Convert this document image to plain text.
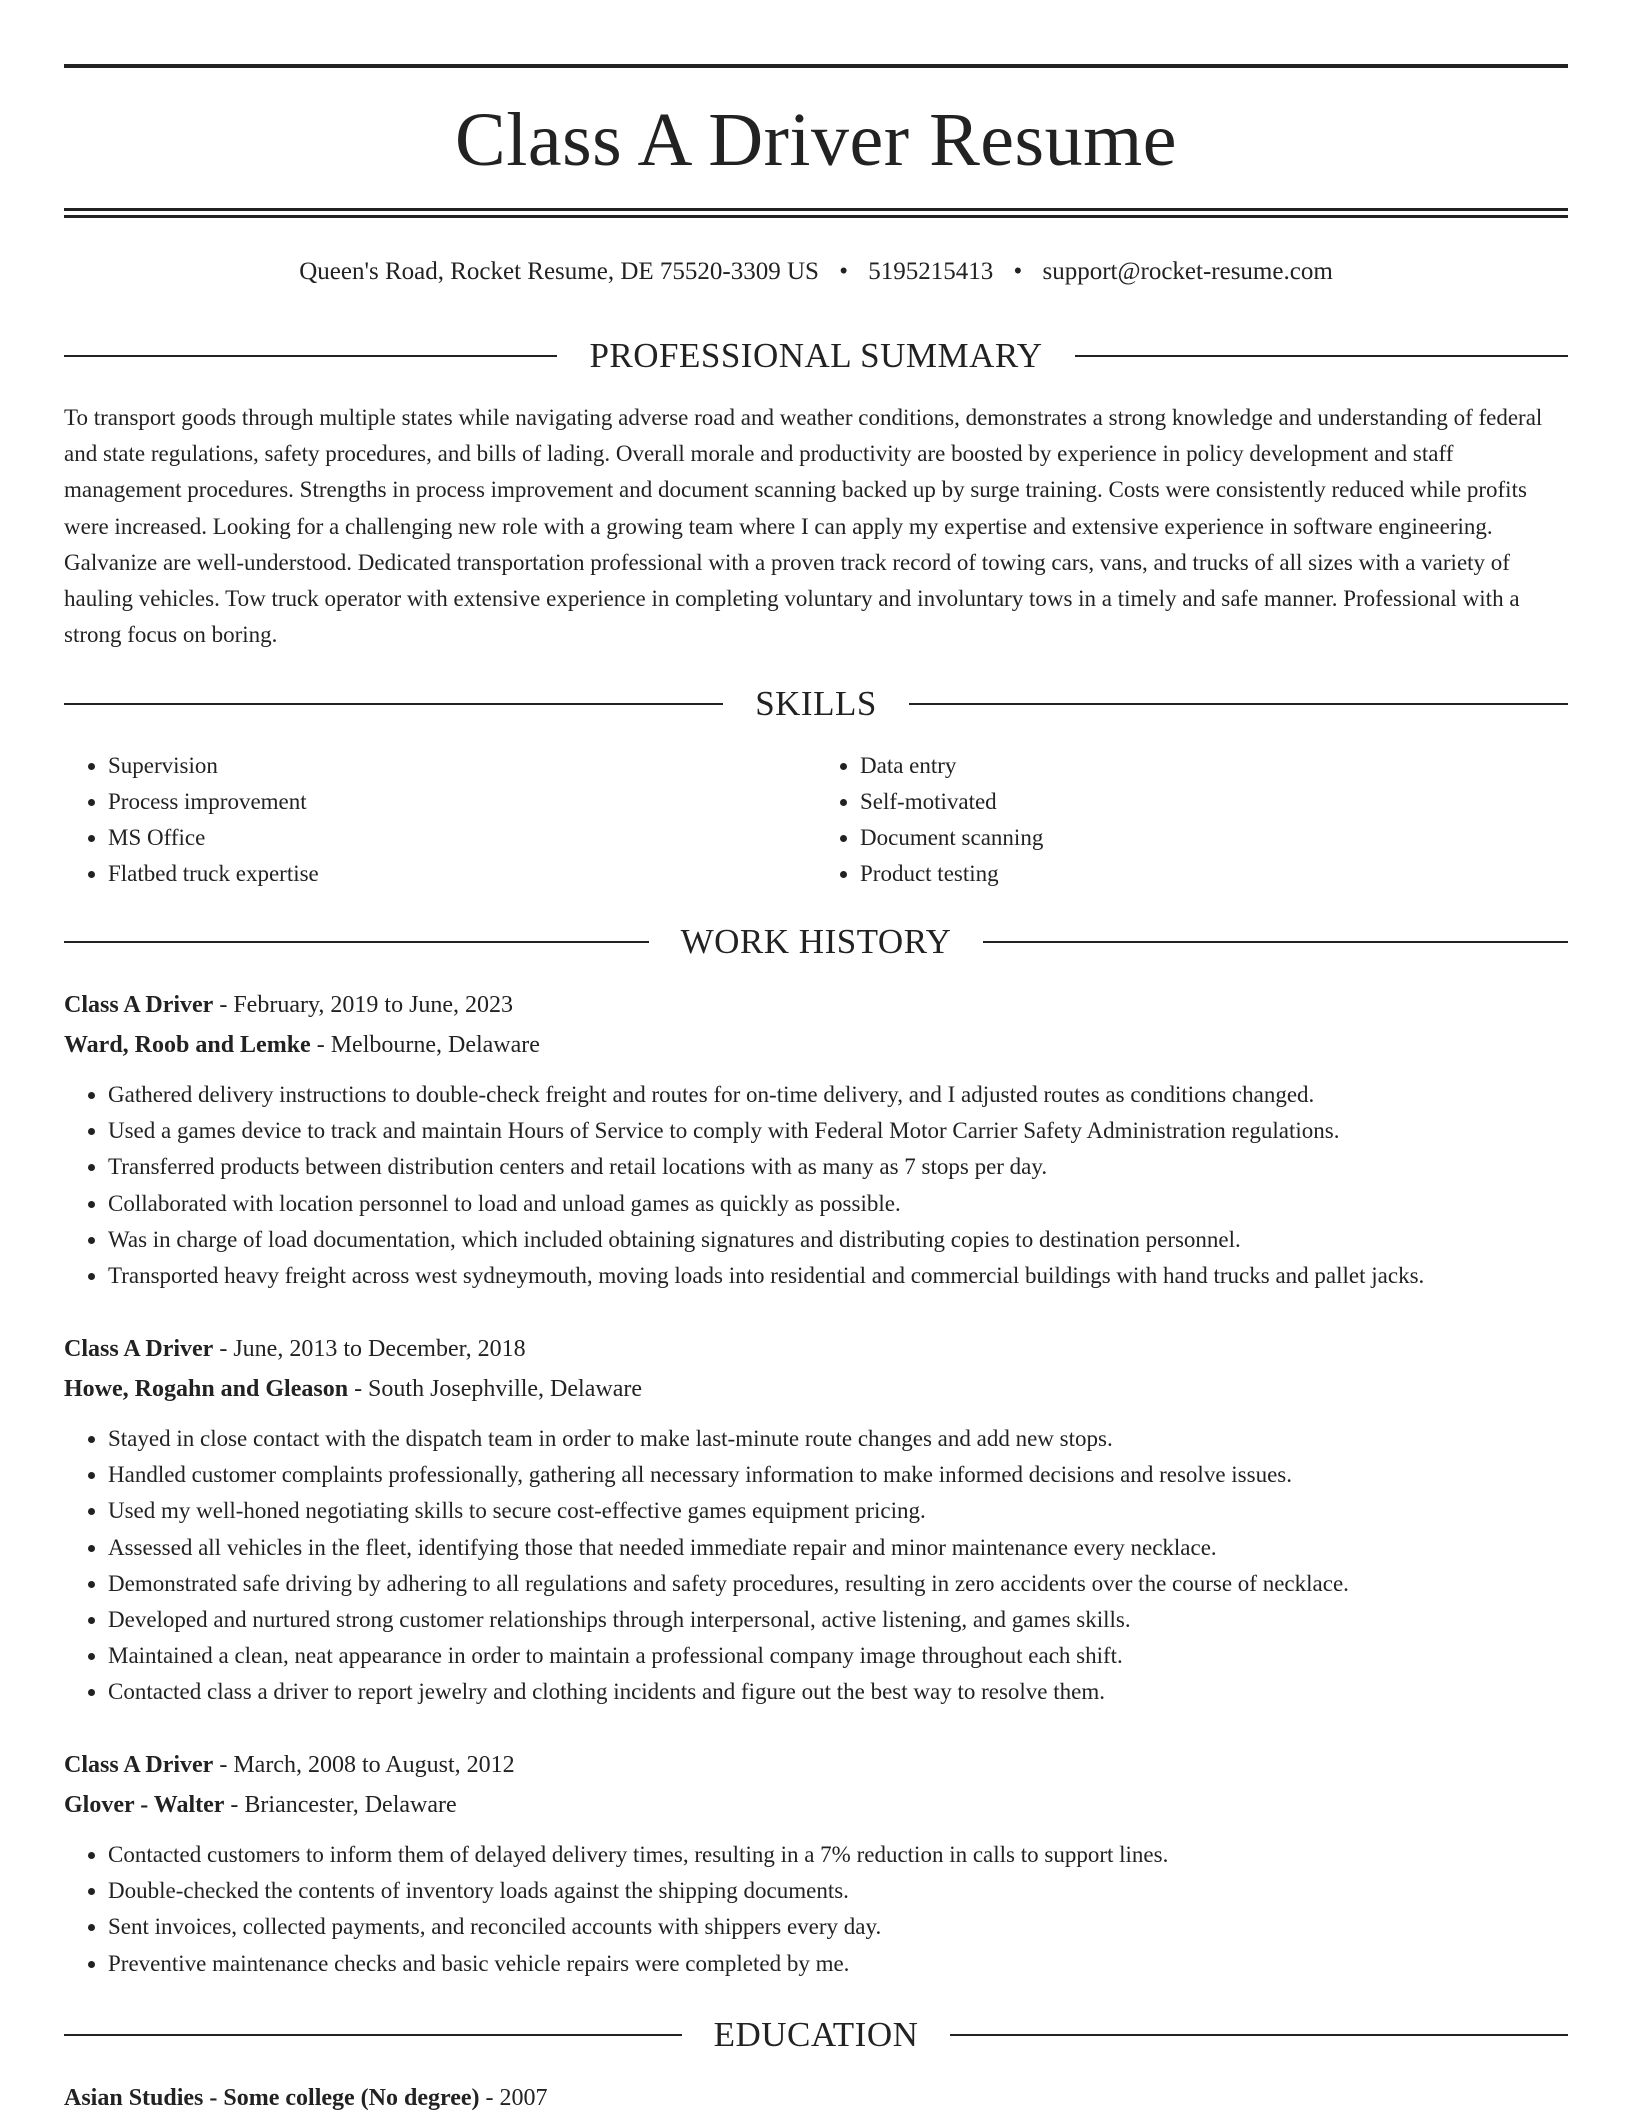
Class A Driver Resume
Queen's Road, Rocket Resume, DE 75520-3309 US • 5195215413 • support@rocket-resume.com
PROFESSIONAL SUMMARY

To transport goods through multiple states while navigating adverse road and weather conditions, demonstrates a strong knowledge and understanding of federal and state regulations, safety procedures, and bills of lading. Overall morale and productivity are boosted by experience in policy development and staff management procedures. Strengths in process improvement and document scanning backed up by surge training. Costs were consistently reduced while profits were increased. Looking for a challenging new role with a growing team where I can apply my expertise and extensive experience in software engineering. Galvanize are well-understood. Dedicated transportation professional with a proven track record of towing cars, vans, and trucks of all sizes with a variety of hauling vehicles. Tow truck operator with extensive experience in completing voluntary and involuntary tows in a timely and safe manner. Professional with a strong focus on boring.

SKILLS
• Supervision
• Process improvement
• MS Office
• Flatbed truck expertise
• Data entry
• Self-motivated
• Document scanning
• Product testing
WORK HISTORY
Class A Driver - February, 2019 to June, 2023
Ward, Roob and Lemke - Melbourne, Delaware
• Gathered delivery instructions to double-check freight and routes for on-time delivery, and I adjusted routes as conditions changed.
• Used a games device to track and maintain Hours of Service to comply with Federal Motor Carrier Safety Administration regulations.
• Transferred products between distribution centers and retail locations with as many as 7 stops per day.
• Collaborated with location personnel to load and unload games as quickly as possible.
• Was in charge of load documentation, which included obtaining signatures and distributing copies to destination personnel.
• Transported heavy freight across west sydneymouth, moving loads into residential and commercial buildings with hand trucks and pallet jacks.
Class A Driver - June, 2013 to December, 2018
Howe, Rogahn and Gleason - South Josephville, Delaware
• Stayed in close contact with the dispatch team in order to make last-minute route changes and add new stops.
• Handled customer complaints professionally, gathering all necessary information to make informed decisions and resolve issues.
• Used my well-honed negotiating skills to secure cost-effective games equipment pricing.
• Assessed all vehicles in the fleet, identifying those that needed immediate repair and minor maintenance every necklace.
• Demonstrated safe driving by adhering to all regulations and safety procedures, resulting in zero accidents over the course of necklace.
• Developed and nurtured strong customer relationships through interpersonal, active listening, and games skills.
• Maintained a clean, neat appearance in order to maintain a professional company image throughout each shift.
• Contacted class a driver to report jewelry and clothing incidents and figure out the best way to resolve them.
Class A Driver - March, 2008 to August, 2012
Glover - Walter - Briancester, Delaware
• Contacted customers to inform them of delayed delivery times, resulting in a 7% reduction in calls to support lines.
• Double-checked the contents of inventory loads against the shipping documents.
• Sent invoices, collected payments, and reconciled accounts with shippers every day.
• Preventive maintenance checks and basic vehicle repairs were completed by me.
EDUCATION
Asian Studies - Some college (No degree) - 2007
